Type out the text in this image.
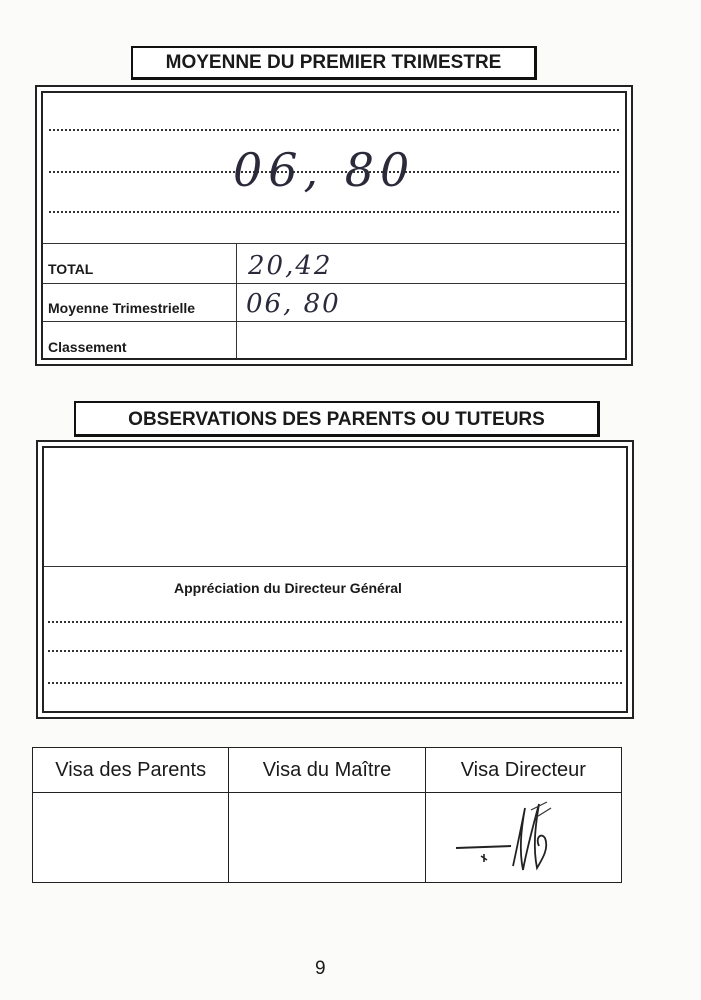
MOYENNE DU PREMIER TRIMESTRE
06, 80
TOTAL	20,42
Moyenne Trimestrielle 06, 80
Classement
OBSERVATIONS DES PARENTS OU TUTEURS
Appréciation du Directeur Général
Visa des Parents	Visa du Maître	Visa Directeur

9
